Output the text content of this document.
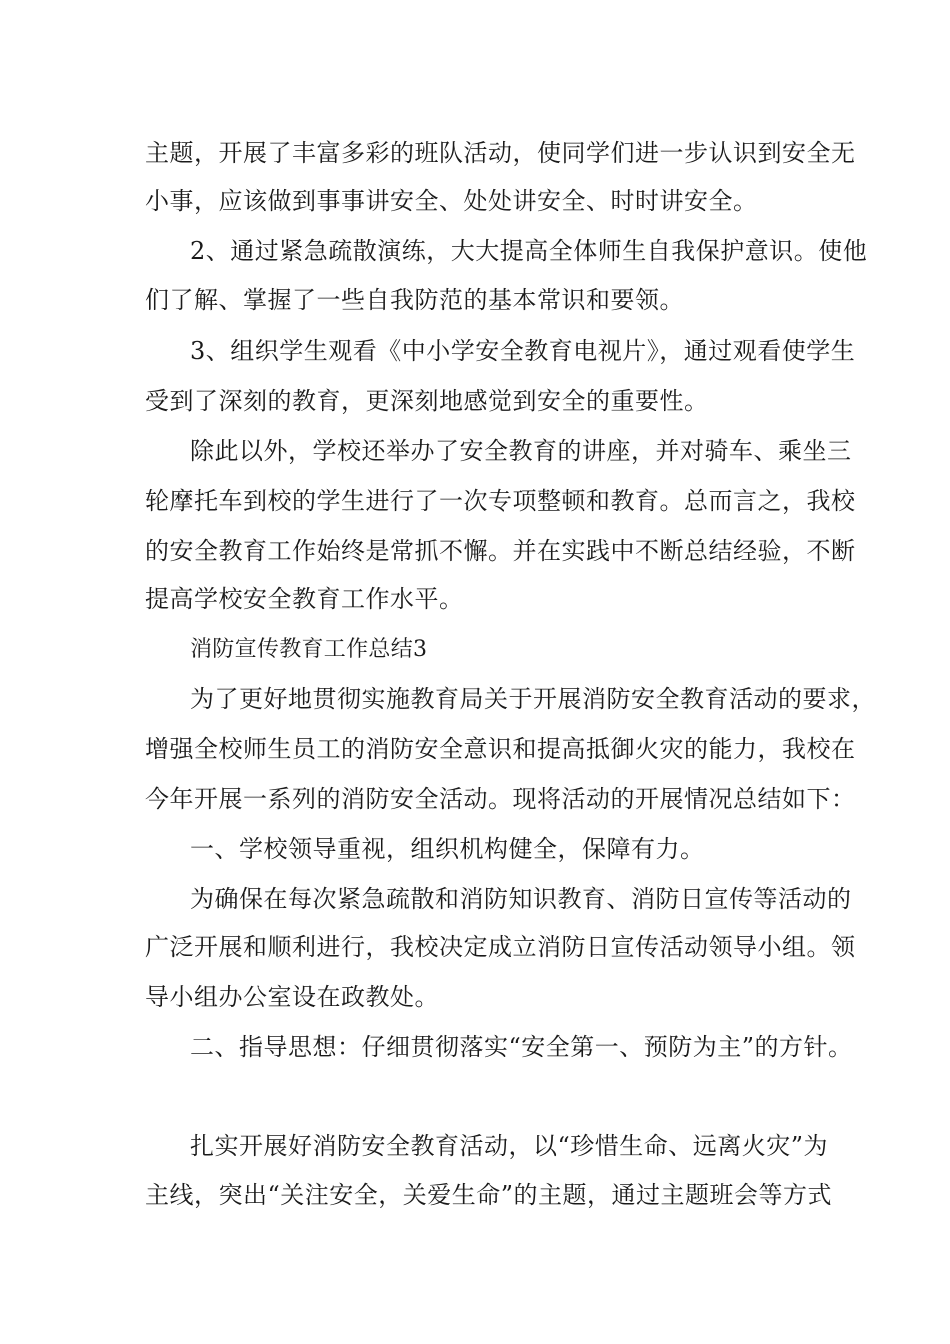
主题，开展了丰富多彩的班队活动，使同学们进一步认识到安全无
小事，应该做到事事讲安全、处处讲安全、时时讲安全。
2、通过紧急疏散演练，大大提高全体师生自我保护意识。使他
们了解、掌握了一些自我防范的基本常识和要领。
3、组织学生观看《中小学安全教育电视片》，通过观看使学生
受到了深刻的教育，更深刻地感觉到安全的重要性。
除此以外，学校还举办了安全教育的讲座，并对骑车、乘坐三
轮摩托车到校的学生进行了一次专项整顿和教育。总而言之，我校
的安全教育工作始终是常抓不懈。并在实践中不断总结经验，不断
提高学校安全教育工作水平。
消防宣传教育工作总结3
为了更好地贯彻实施教育局关于开展消防安全教育活动的要求，
增强全校师生员工的消防安全意识和提高抵御火灾的能力，我校在
今年开展一系列的消防安全活动。现将活动的开展情况总结如下：
一、学校领导重视，组织机构健全，保障有力。
为确保在每次紧急疏散和消防知识教育、消防日宣传等活动的
广泛开展和顺利进行，我校决定成立消防日宣传活动领导小组。领
导小组办公室设在政教处。
二、指导思想：仔细贯彻落实“安全第一、预防为主”的方针。
扎实开展好消防安全教育活动，以“珍惜生命、远离火灾”为
主线，突出“关注安全，关爱生命”的主题，通过主题班会等方式
